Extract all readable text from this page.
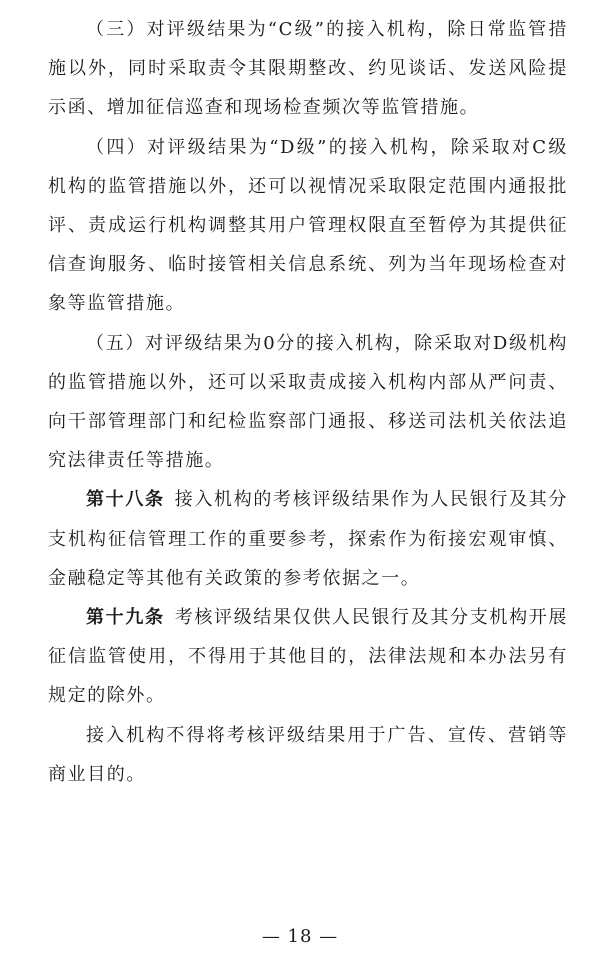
（三）对评级结果为“C级”的接入机构，除日常监管措施以外，同时采取责令其限期整改、约见谈话、发送风险提示函、增加征信巡查和现场检查频次等监管措施。

（四）对评级结果为“D级”的接入机构，除采取对C级机构的监管措施以外，还可以视情况采取限定范围内通报批评、责成运行机构调整其用户管理权限直至暂停为其提供征信查询服务、临时接管相关信息系统、列为当年现场检查对象等监管措施。

（五）对评级结果为0分的接入机构，除采取对D级机构的监管措施以外，还可以采取责成接入机构内部从严问责、向干部管理部门和纪检监察部门通报、移送司法机关依法追究法律责任等措施。

第十八条 接入机构的考核评级结果作为人民银行及其分支机构征信管理工作的重要参考，探索作为衔接宏观审慎、金融稳定等其他有关政策的参考依据之一。

第十九条 考核评级结果仅供人民银行及其分支机构开展征信监管使用，不得用于其他目的，法律法规和本办法另有规定的除外。

接入机构不得将考核评级结果用于广告、宣传、营销等商业目的。

— 18 —
